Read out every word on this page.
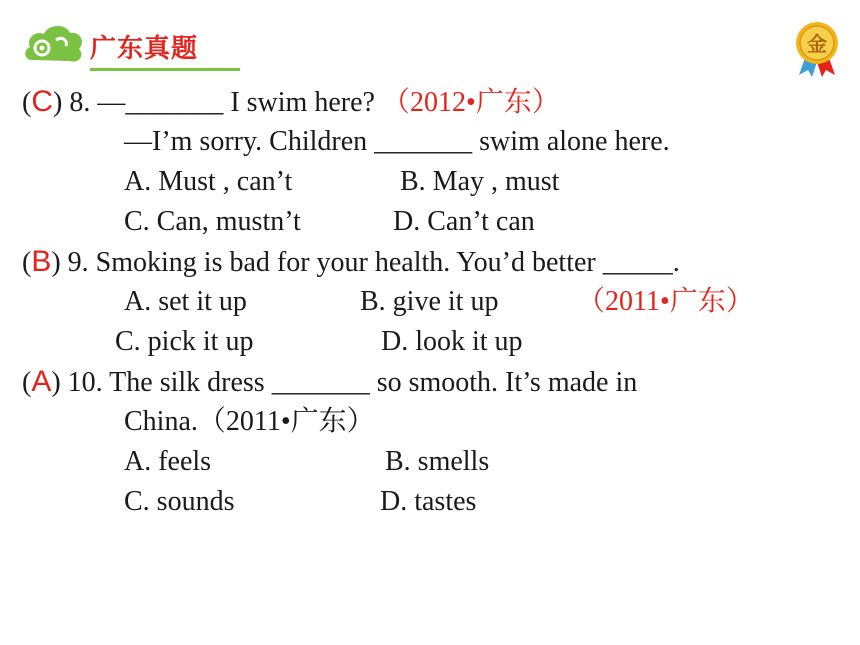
广东真题	金
(C) 8. —_______ I swim here? （2012•广东）
—I’m sorry. Children _______ swim alone here.
A. Must , can’t	B. May , must
C. Can, mustn’t	D. Can’t can
(B) 9. Smoking is bad for your health. You’d better _____.
A. set it up	B. give it up	（2011•广东）
C. pick it up	D. look it up
(A) 10. The silk dress _______ so smooth. It’s made in
China.（2011•广东）
A. feels	B. smells
C. sounds	D. tastes
